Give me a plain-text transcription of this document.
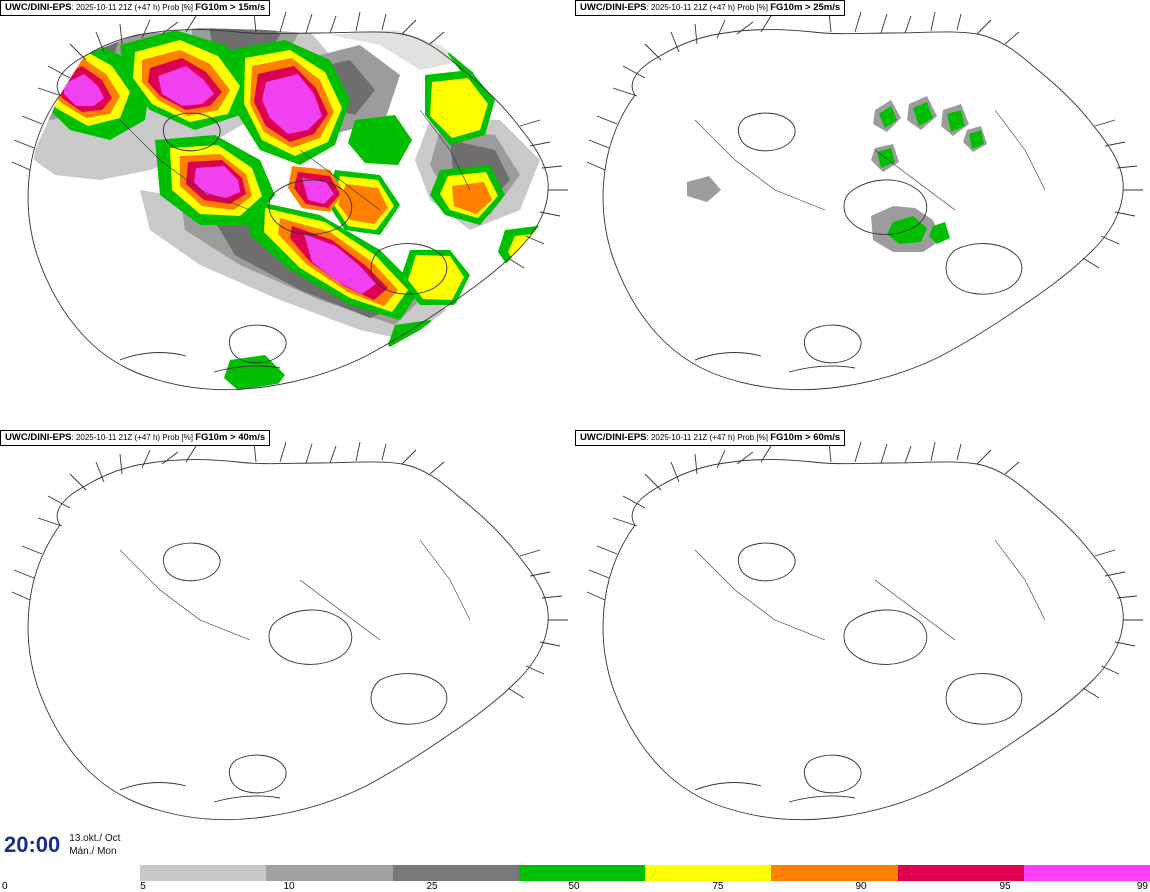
UWC/DINI-EPS: 2025-10-11 21Z (+47 h) Prob [%] FG10m > 15m/s	UWC/DINI-EPS: 2025-10-11 21Z (+47 h) Prob [%] FG10m > 25m/s
UWC/DINI-EPS: 2025-10-11 21Z (+47 h) Prob [%] FG10m > 40m/s	UWC/DINI-EPS: 2025-10-11 21Z (+47 h) Prob [%] FG10m > 60m/s
20:00 13.okt./ Oct
Mán./ Mon
0	5	10	25	50	75	90	95	99
